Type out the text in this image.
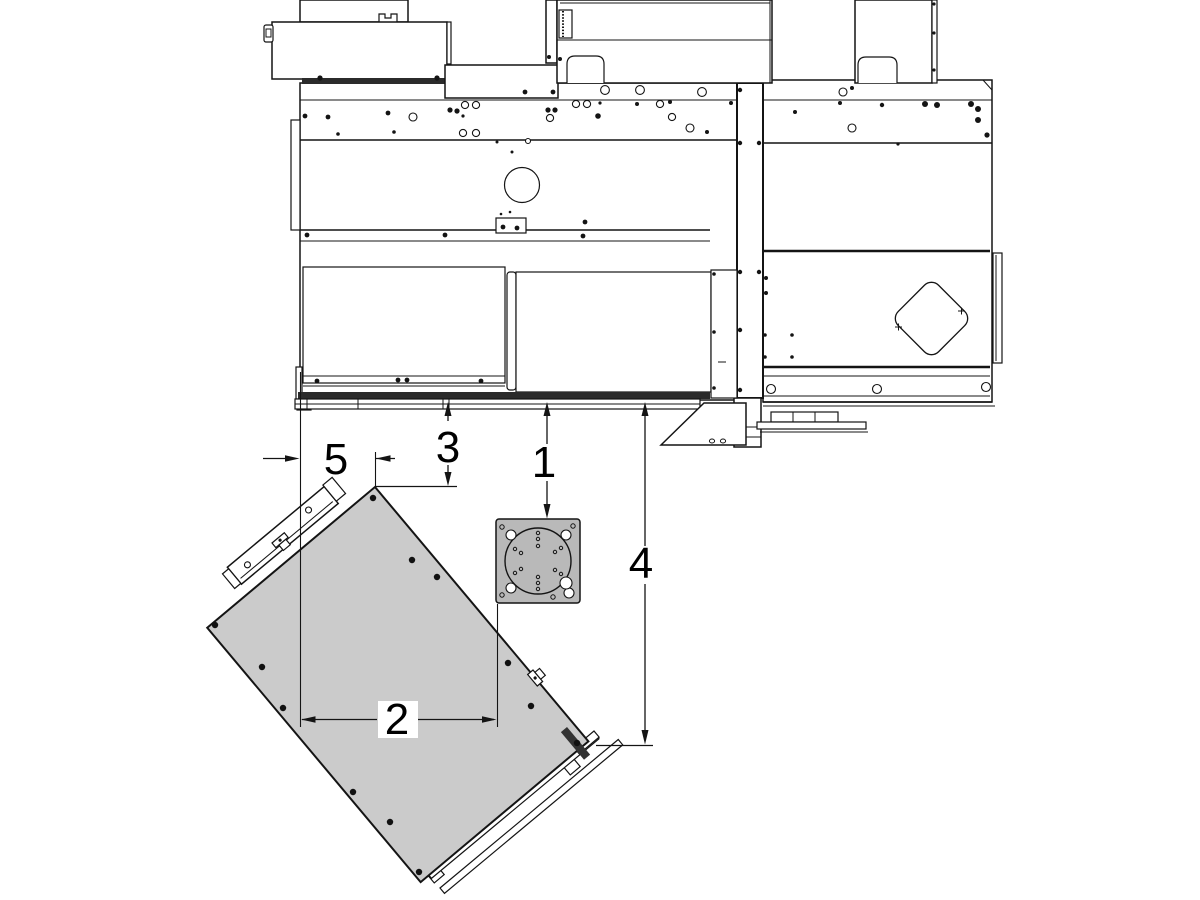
5 3 1
4
2
